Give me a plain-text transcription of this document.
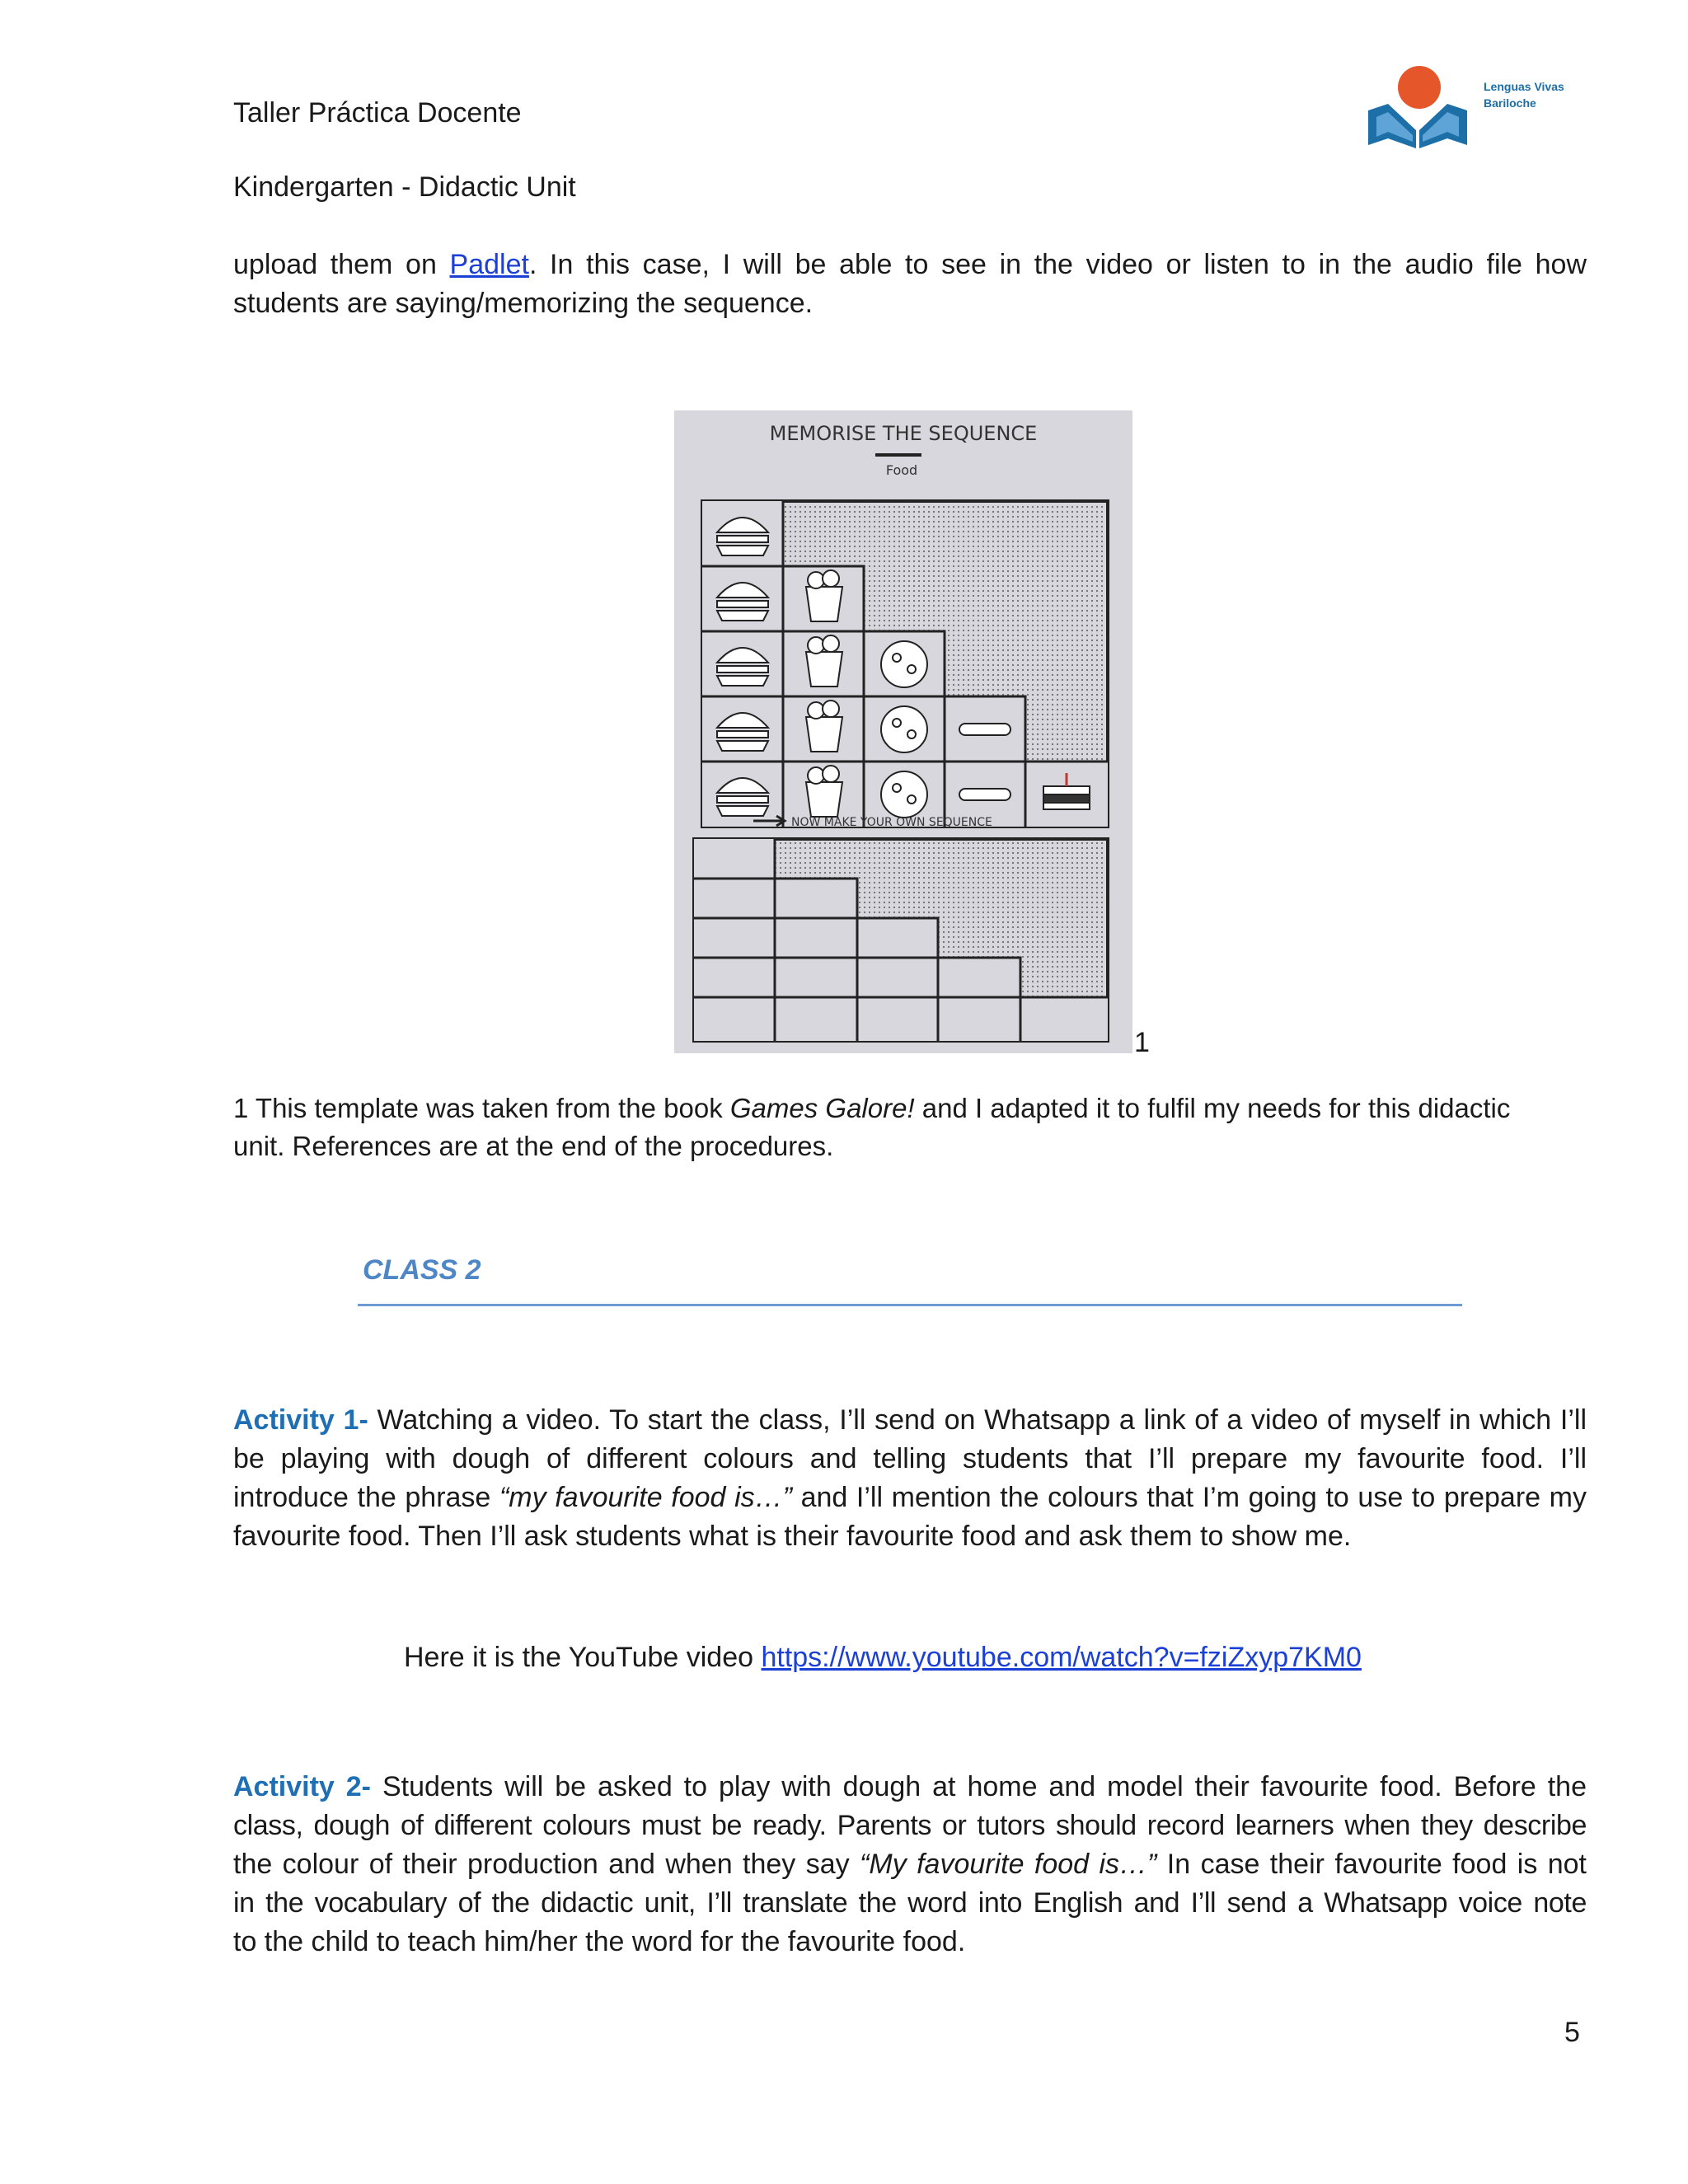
Taller Práctica Docente
Kindergarten - Didactic Unit
Lenguas Vivas
Bariloche
upload them on Padlet. In this case, I will be able to see in the video or listen to in the audio file how
students are saying/memorizing the sequence.
MEMORISE THE SEQUENCE
Food
NOW MAKE YOUR OWN SEQUENCE
1
1 This template was taken from the book Games Galore! and I adapted it to fulfil my needs for this didactic
unit. References are at the end of the procedures.
CLASS 2
Activity 1- Watching a video. To start the class, I’ll send on Whatsapp a link of a video of myself in which I’ll
be playing with dough of different colours and telling students that I’ll prepare my favourite food. I’ll
introduce the phrase “my favourite food is…” and I’ll mention the colours that I’m going to use to prepare my
favourite food. Then I’ll ask students what is their favourite food and ask them to show me.
Here it is the YouTube video https://www.youtube.com/watch?v=fziZxyp7KM0
Activity 2- Students will be asked to play with dough at home and model their favourite food. Before the
class, dough of different colours must be ready. Parents or tutors should record learners when they describe
the colour of their production and when they say “My favourite food is…” In case their favourite food is not
in the vocabulary of the didactic unit, I’ll translate the word into English and I’ll send a Whatsapp voice note
to the child to teach him/her the word for the favourite food.
5
